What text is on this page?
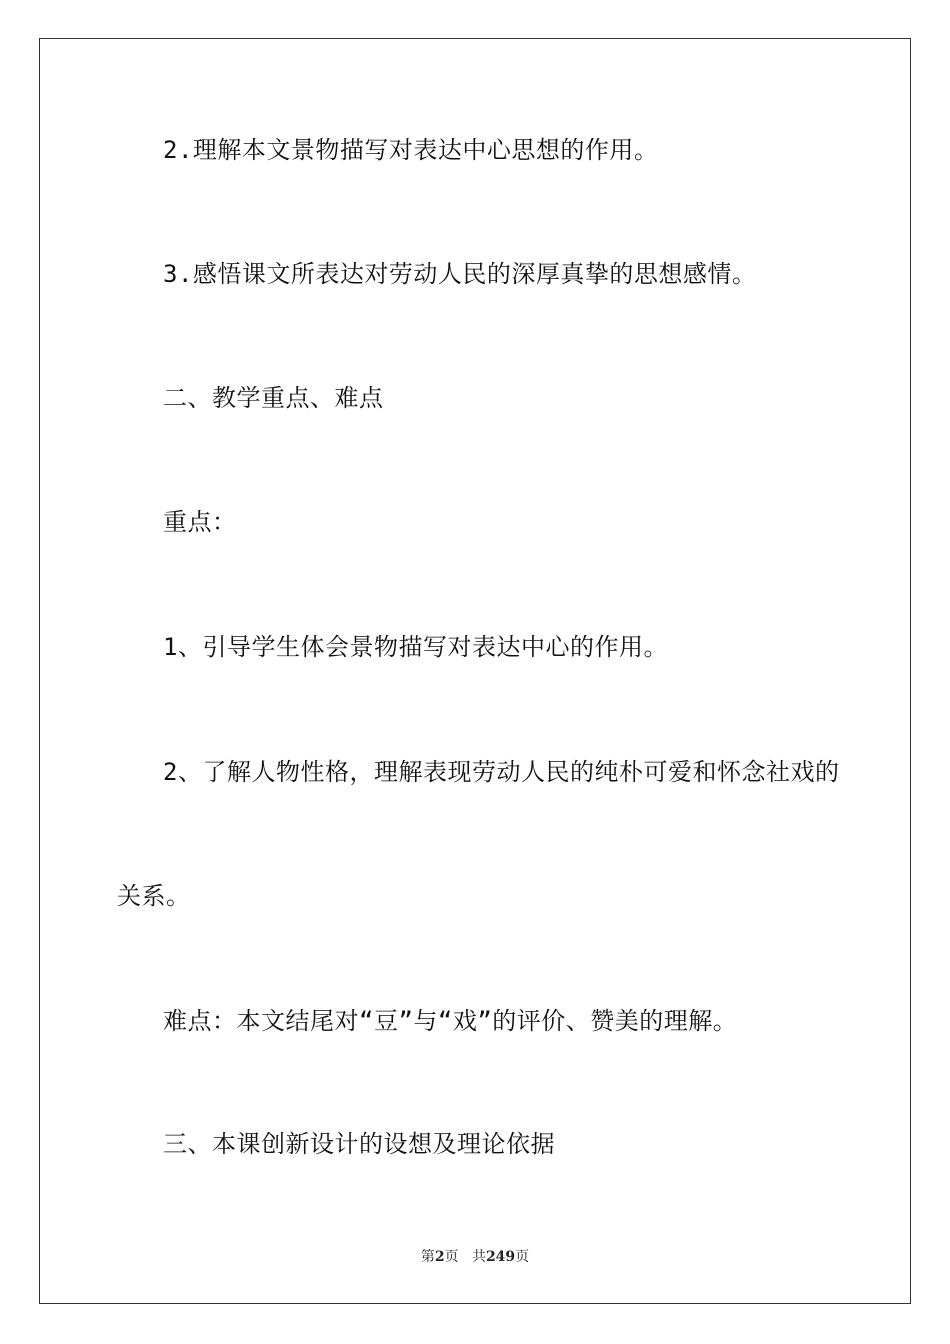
2.理解本文景物描写对表达中心思想的作用。
3.感悟课文所表达对劳动人民的深厚真挚的思想感情。
二、教学重点、难点
重点：
1、引导学生体会景物描写对表达中心的作用。
2、了解人物性格，理解表现劳动人民的纯朴可爱和怀念社戏的
关系。
难点：本文结尾对“豆”与“戏”的评价、赞美的理解。
三、本课创新设计的设想及理论依据
第2页 共249页
